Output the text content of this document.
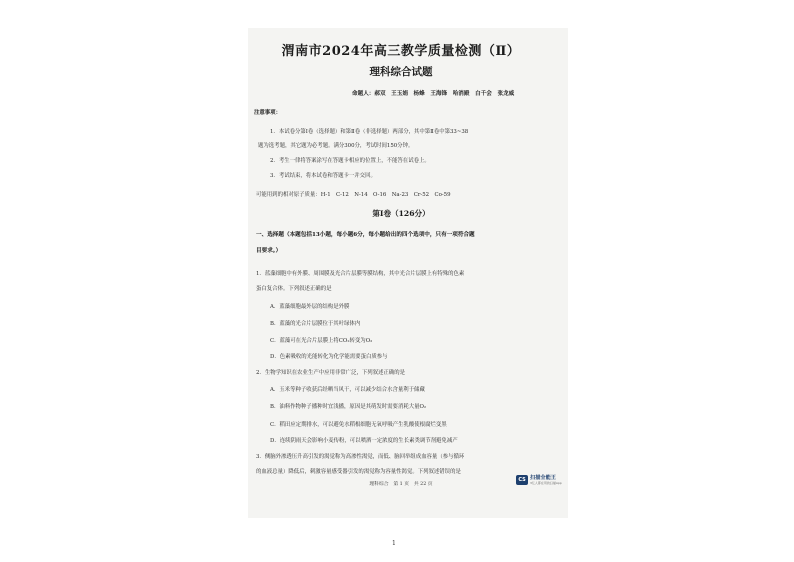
渭南市2024年高三教学质量检测（Ⅱ）
理科综合试题
命题人：郝双　王玉娟　杨蜂　王海锋　哈消殿　白千会　张龙威
注意事项：
1．本试卷分第Ⅰ卷（选择题）和第Ⅱ卷（非选择题）两部分，其中第Ⅱ卷中第33~38
题为选考题，其它题为必考题。满分300分，考试时间150分钟。
2．考生一律将答案涂写在答题卡相应的位置上，不能答在试卷上。
3．考试结束，将本试卷和答题卡一并交回。
可能用到的相对原子质量：H-1　C-12　N-14　O-16　Na-23　Cr-52　Co-59
第Ⅰ卷（126分）
一、选择题（本题包括13小题，每小题6分，每小题给出的四个选项中，只有一项符合题
目要求。）
1．蓝藻细胞中有外膜、周围膜及光合片层膜等膜结构，其中光合片层膜上有特殊的色素
蛋白复合体。下列叙述正确的是
A．蓝藻细胞最外层的结构是外膜
B．蓝藻的光合片层膜位于其叶绿体内
C．蓝藻可在光合片层膜上将CO₂转变为O₂
D．色素吸收的光能转化为化学能需要蛋白质参与
2．生物学知识在农业生产中应用非常广泛，下列叙述正确的是
A．玉米等种子收获后经晒当风干，可以减少结合水含量利于储藏
B．油料作物种子播种时宜浅播，原因是其萌发时需要消耗大量O₂
C．稻田应定期排水，可以避免水稻根细胞无氧呼吸产生乳酸使根腐烂变黑
D．连续阴雨天会影响小麦传粉，可以喷洒一定浓度的生长素类调节剂避免减产
3．侧脑外渗透压升高引发的渴觉称为高渗性渴觉，而低、脑回举组成血容量（参与循环
的血液总量）降低后，刺激容量感受器引发的渴觉称为容量性渴觉。下列叙述错误的是
理科综合　第 1 页　共 22 页
CS 扫描全能王
3亿人都在用的扫描App
1
